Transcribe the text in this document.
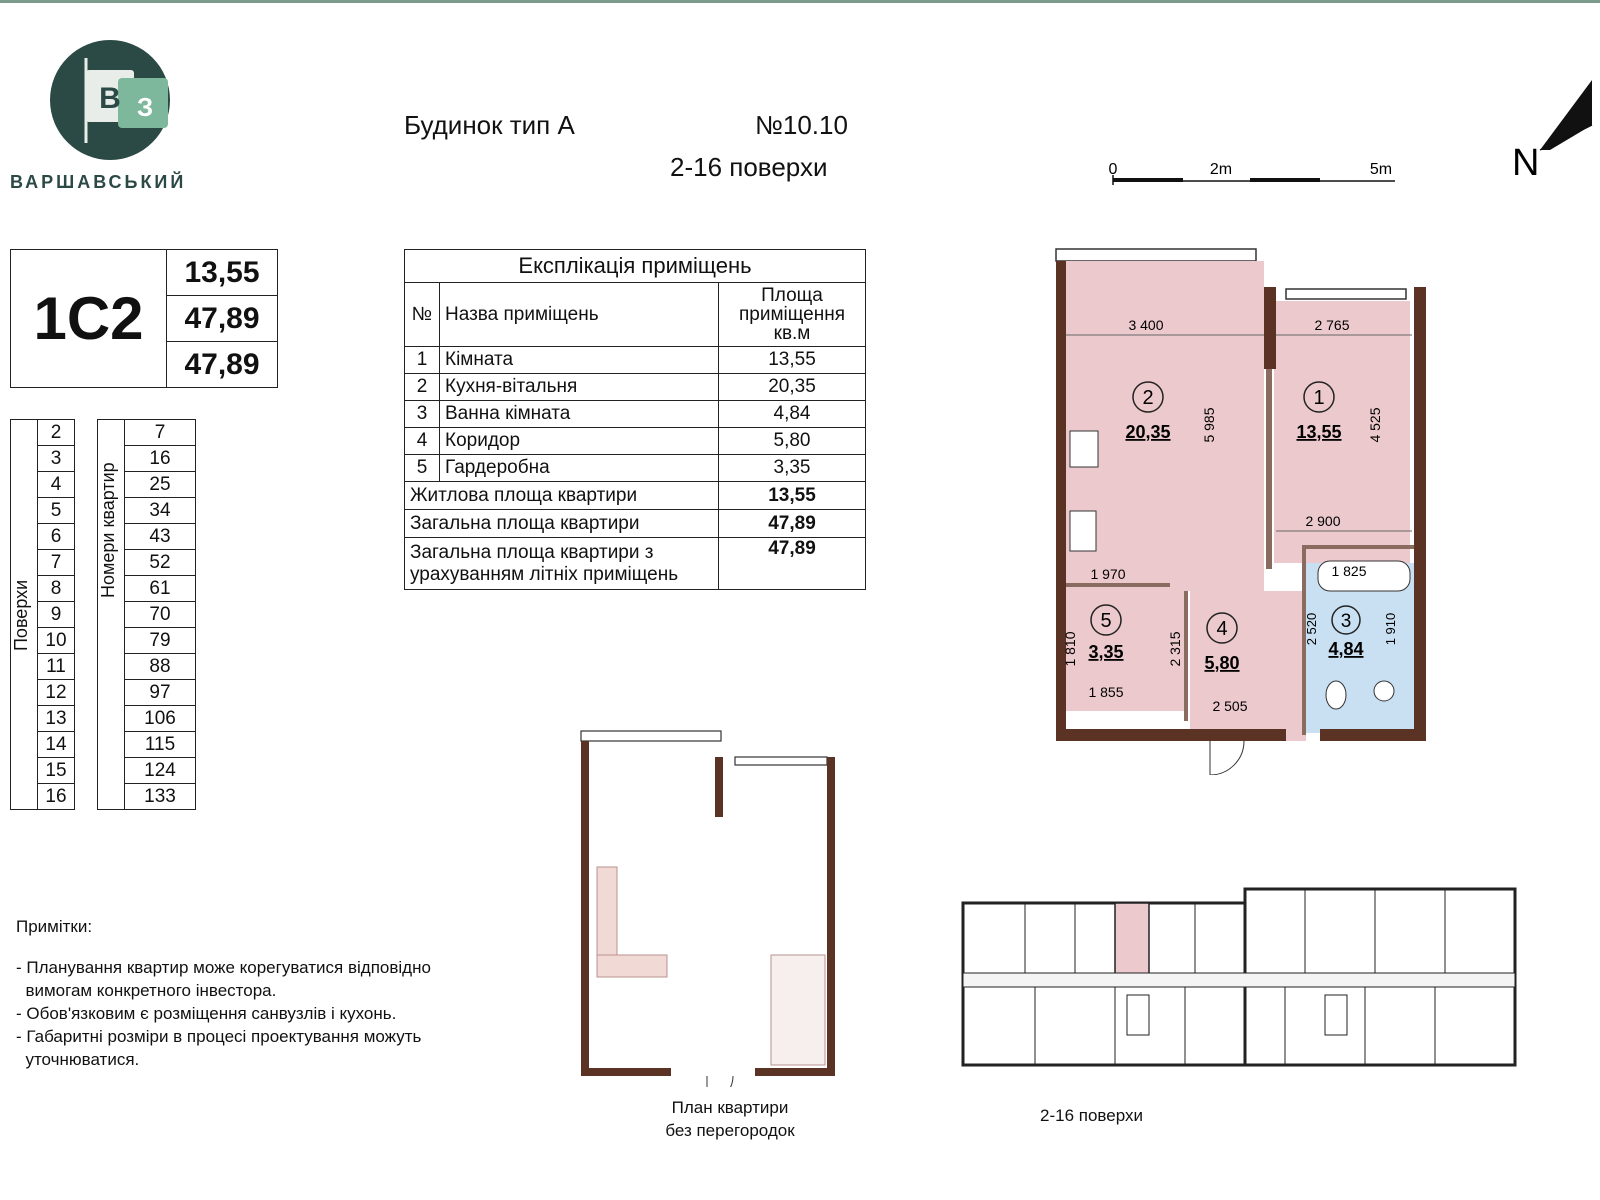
В З
ВАРШАВСЬКИЙ
Будинок тип А	№10.10
2-16 поверхи	0	2m	5m	N
1С2	13,55
47,89
47,89
Поверхи	2		Номери квартир	7
	3			16
	4			25
	5			34
	6			43
	7			52
	8			61
	9			70
	10			79
	11			88
	12			97
	13			106
	14			115
	15			124
	16			133
Експлікація приміщень		
№	Назва приміщень	Площа приміщення кв.м
1	Кімната	13,55
2	Кухня-вітальня	20,35
3	Ванна кімната	4,84
4	Коридор	5,80
5	Гардеробна	3,35
Житлова площа квартири		13,55
Загальна площа квартири		47,89
Загальна площа квартири з урахуванням літніх приміщень		47,89
3 400	2 765
5 985	4 525
2 900
1 970	1 825
2 520	1 910
1 810	2 315
1 855
2 505
2
20,35
1
13,55
3
4,84
4
5,80
5
3,35
План квартири
без перегородок
2-16 поверхи
Примітки:
- Планування квартир може корегуватися відповідно
вимогам конкретного інвестора.
- Обов'язковим є розміщення санвузлів і кухонь.
- Габаритні розміри в процесі проектування можуть
уточнюватися.
